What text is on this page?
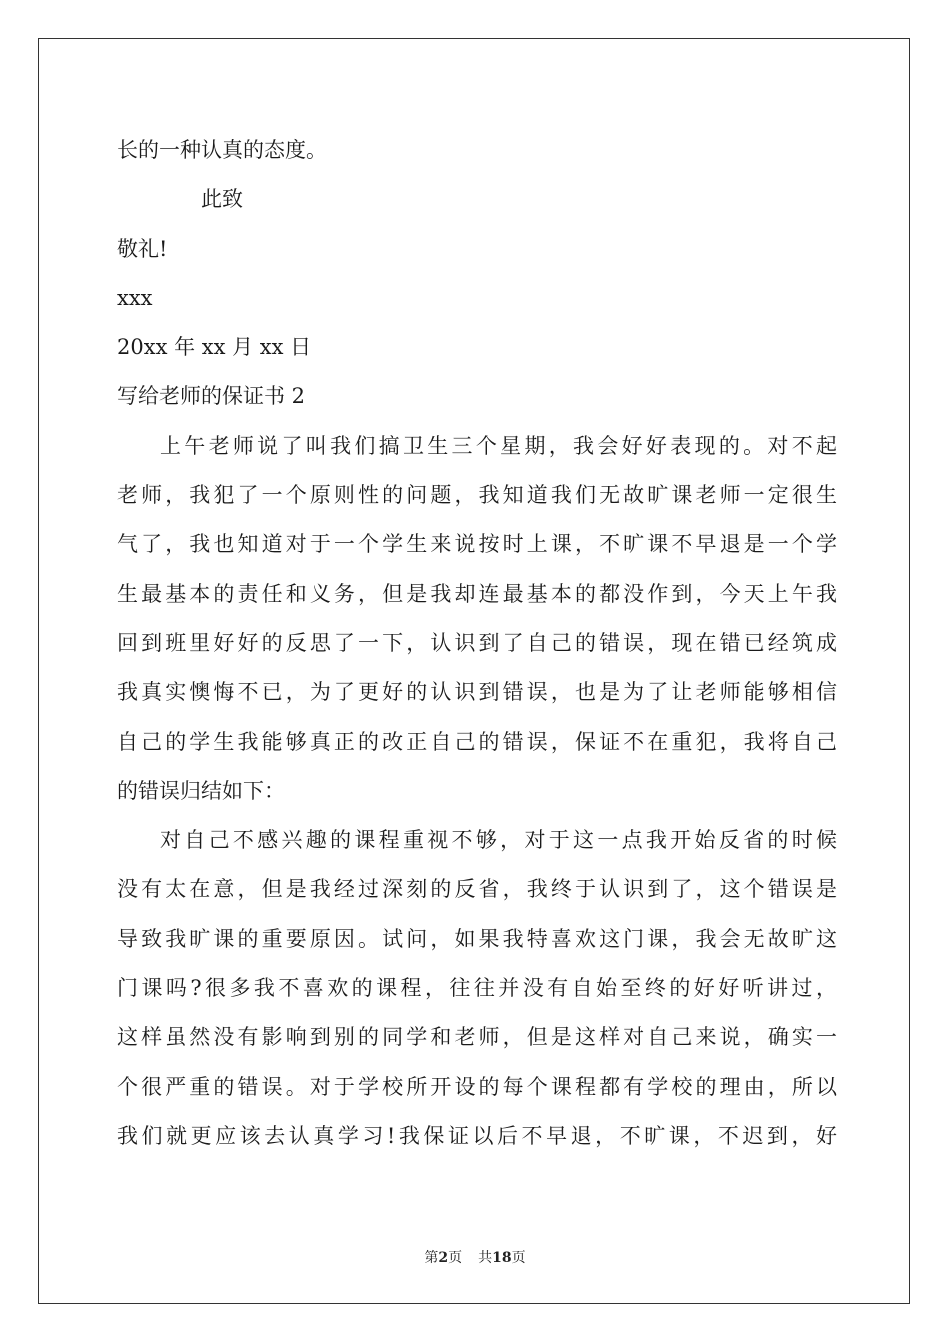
长的一种认真的态度。
此致
敬礼!
xxx
20xx 年 xx 月 xx 日
写给老师的保证书 2
上午老师说了叫我们搞卫生三个星期，我会好好表现的。对不起
老师，我犯了一个原则性的问题，我知道我们无故旷课老师一定很生
气了，我也知道对于一个学生来说按时上课，不旷课不早退是一个学
生最基本的责任和义务，但是我却连最基本的都没作到，今天上午我
回到班里好好的反思了一下，认识到了自己的错误，现在错已经筑成
我真实懊悔不已，为了更好的认识到错误，也是为了让老师能够相信
自己的学生我能够真正的改正自己的错误，保证不在重犯，我将自己
的错误归结如下：
对自己不感兴趣的课程重视不够，对于这一点我开始反省的时候
没有太在意，但是我经过深刻的反省，我终于认识到了，这个错误是
导致我旷课的重要原因。试问，如果我特喜欢这门课，我会无故旷这
门课吗?很多我不喜欢的课程，往往并没有自始至终的好好听讲过，
这样虽然没有影响到别的同学和老师，但是这样对自己来说，确实一
个很严重的错误。对于学校所开设的每个课程都有学校的理由，所以
我们就更应该去认真学习!我保证以后不早退，不旷课，不迟到，好
第2页 共18页
